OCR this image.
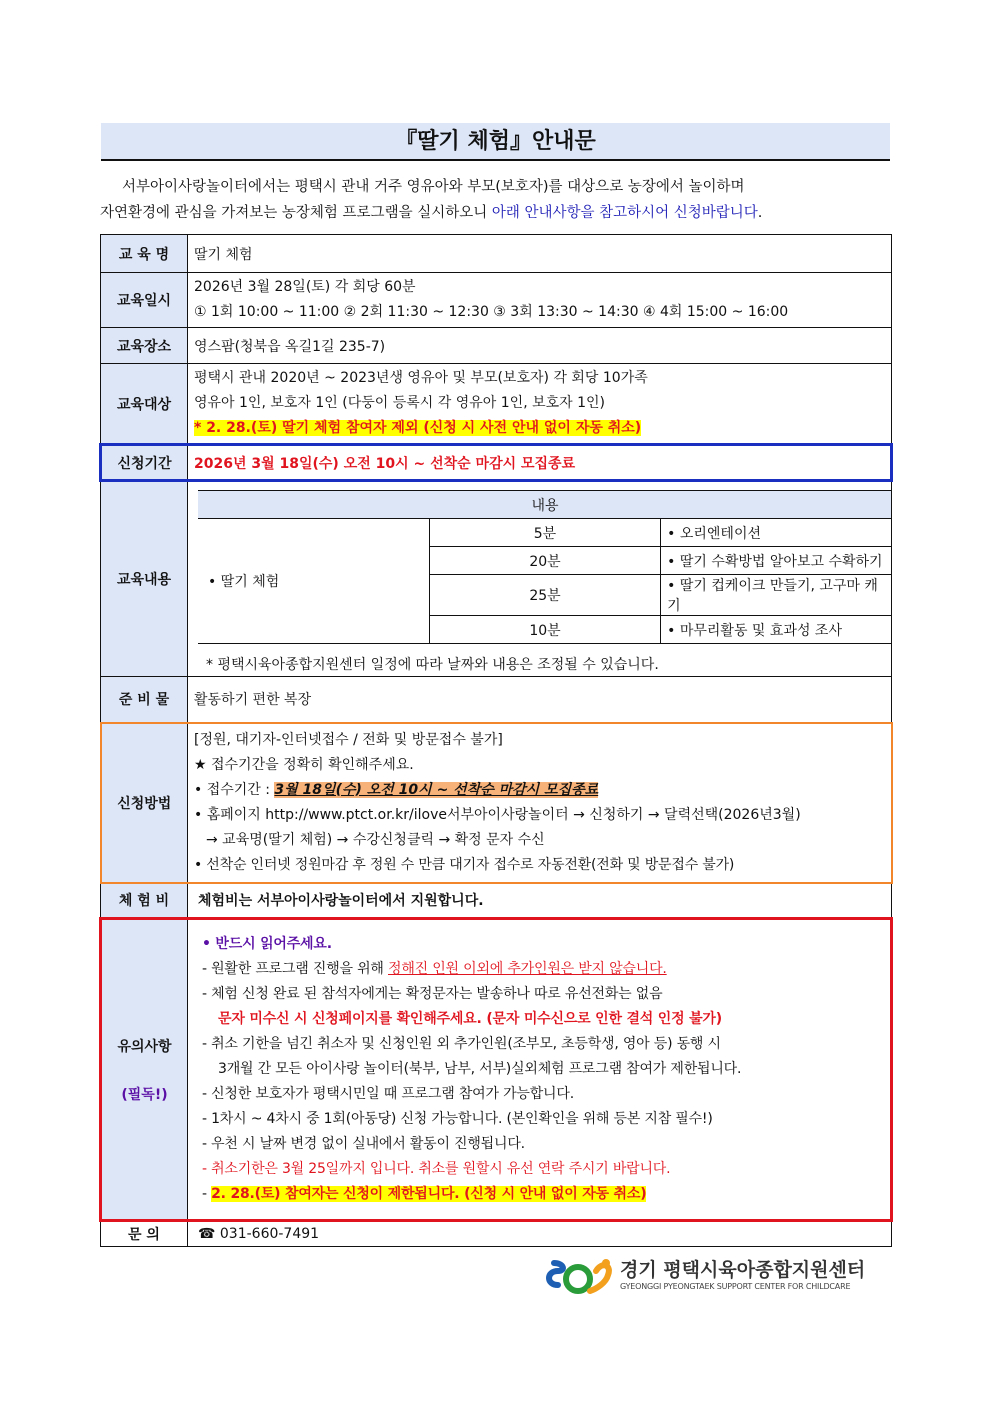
『딸기 체험』안내문
서부아이사랑놀이터에서는 평택시 관내 거주 영유아와 부모(보호자)를 대상으로 농장에서 놀이하며
자연환경에 관심을 가져보는 농장체험 프로그램을 실시하오니 아래 안내사항을 참고하시어 신청바랍니다.
교 육 명	딸기 체험
교육일시	
2026년 3월 28일(토) 각 회당 60분
① 1회 10:00 ~ 11:00 ② 2회 11:30 ~ 12:30 ③ 3회 13:30 ~ 14:30 ④ 4회 15:00 ~ 16:00

교육장소	영스팜(청북읍 옥길1길 235-7)
교육대상	
평택시 관내 2020년 ~ 2023년생 영유아 및 부모(보호자) 각 회당 10가족
영유아 1인, 보호자 1인 (다둥이 등록시 각 영유아 1인, 보호자 1인)
* 2. 28.(토) 딸기 체험 참여자 제외 (신청 시 사전 안내 없이 자동 취소)

신청기간	2026년 3월 18일(수) 오전 10시 ~ 선착순 마감시 모집종료
교육내용	
내용
• 딸기 체험	5분	• 오리엔테이션
20분	• 딸기 수확방법 알아보고 수확하기
25분	• 딸기 컵케이크 만들기, 고구마 캐기
10분	• 마무리활동 및 효과성 조사
* 평택시육아종합지원센터 일정에 따라 날짜와 내용은 조정될 수 있습니다.

준 비 물	활동하기 편한 복장
신청방법	
[정원, 대기자-인터넷접수 / 전화 및 방문접수 불가]
★ 접수기간을 정확히 확인해주세요.
• 접수기간 : 3월 18일(수) 오전 10시 ~ 선착순 마감시 모집종료
• 홈페이지 http://www.ptct.or.kr/ilove서부아이사랑놀이터 → 신청하기 → 달력선택(2026년3월)
→ 교육명(딸기 체험) → 수강신청클릭 → 확정 문자 수신
• 선착순 인터넷 정원마감 후 정원 수 만큼 대기자 접수로 자동전환(전화 및 방문접수 불가)

체 험 비	체험비는 서부아이사랑놀이터에서 지원합니다.

유의사항
(필독!)

• 반드시 읽어주세요.
- 원활한 프로그램 진행을 위해 정해진 인원 이외에 추가인원은 받지 않습니다.
- 체험 신청 완료 된 참석자에게는 확정문자는 발송하나 따로 유선전화는 없음
문자 미수신 시 신청페이지를 확인해주세요. (문자 미수신으로 인한 결석 인정 불가)
- 취소 기한을 넘긴 취소자 및 신청인원 외 추가인원(조부모, 초등학생, 영아 등) 동행 시
3개월 간 모든 아이사랑 놀이터(북부, 남부, 서부)실외체험 프로그램 참여가 제한됩니다.
- 신청한 보호자가 평택시민일 때 프로그램 참여가 가능합니다.
- 1차시 ~ 4차시 중 1회(아동당) 신청 가능합니다. (본인확인을 위해 등본 지참 필수!)
- 우천 시 날짜 변경 없이 실내에서 활동이 진행됩니다.
- 취소기한은 3월 25일까지 입니다. 취소를 원할시 유선 연락 주시기 바랍니다.
- 2. 28.(토) 참여자는 신청이 제한됩니다. (신청 시 안내 없이 자동 취소)

문 의	☎ 031-660-7491
경기 평택시육아종합지원센터
GYEONGGI PYEONGTAEK SUPPORT CENTER FOR CHILDCARE
